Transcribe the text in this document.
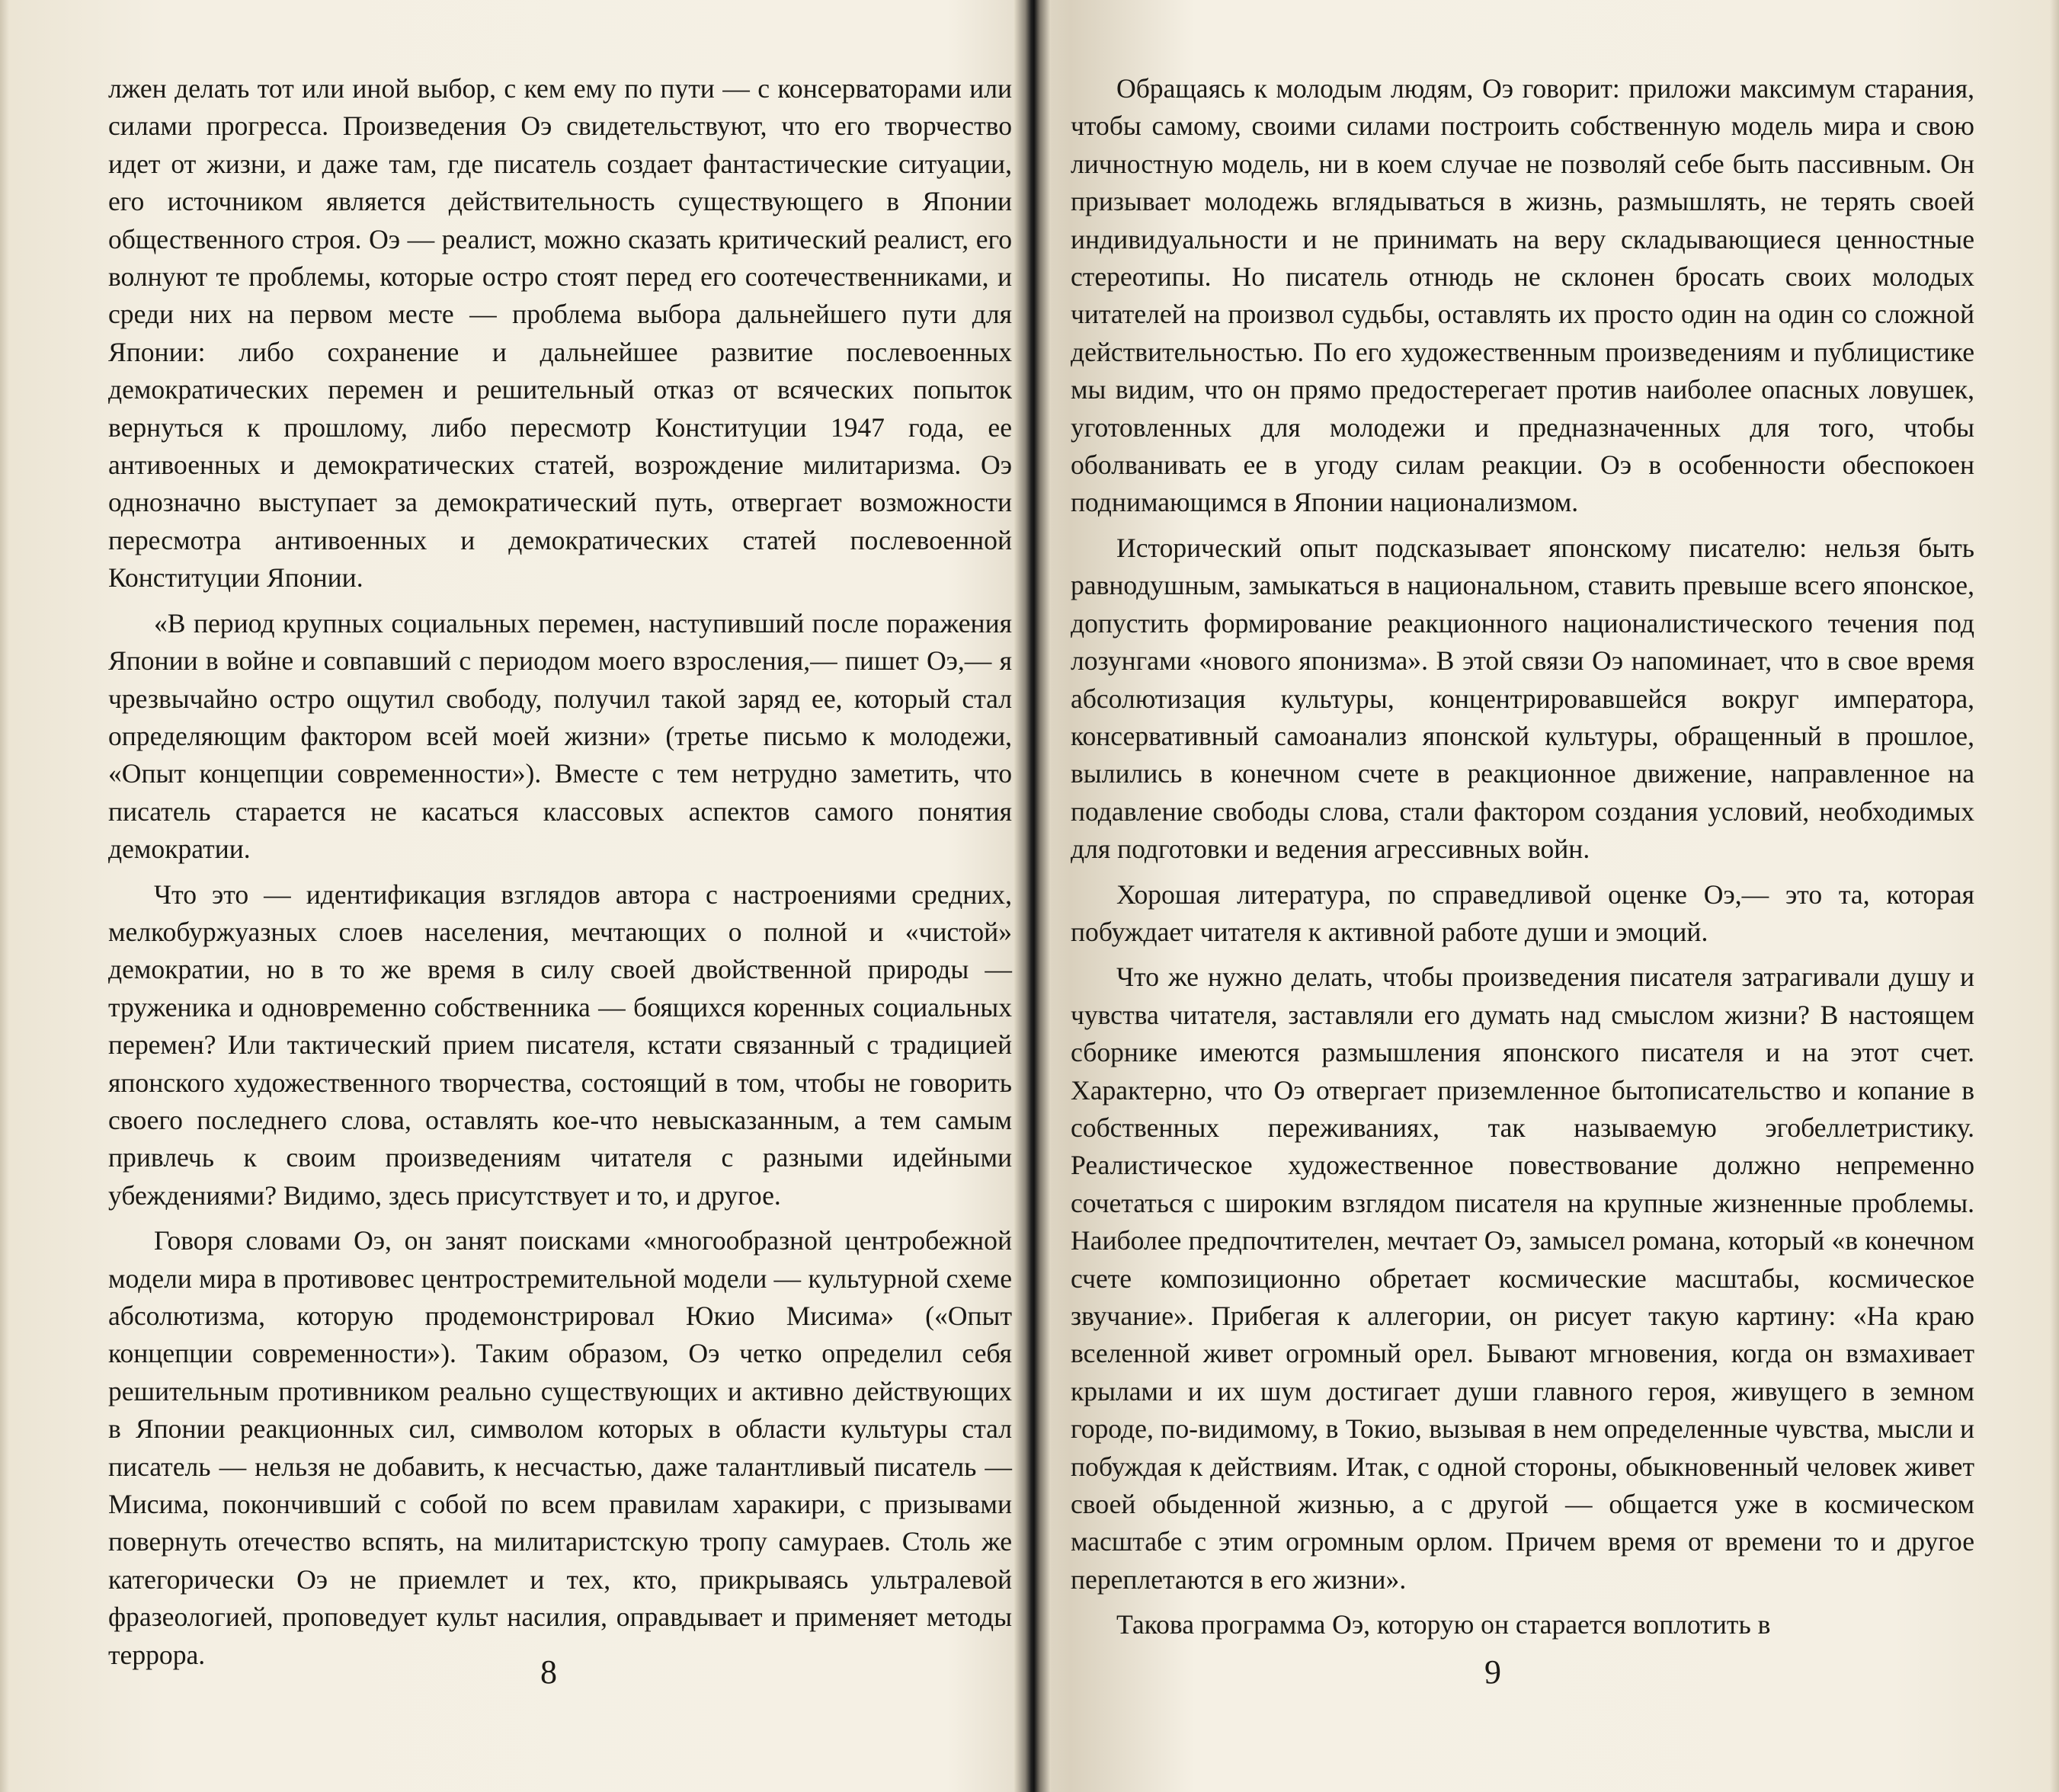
лжен делать тот или иной выбор, с кем ему по пути — с консерваторами или силами прогресса. Произведения Оэ свидетельствуют, что его творчество идет от жизни, и даже там, где писатель создает фантастические ситуации, его источником является действительность существующего в Японии общественного строя. Оэ — реалист, можно сказать критический реалист, его волнуют те проблемы, которые остро стоят перед его соотечественниками, и среди них на первом месте — проблема выбора дальнейшего пути для Японии: либо сохранение и дальнейшее развитие послевоенных демократических перемен и решительный отказ от всяческих попыток вернуться к прошлому, либо пересмотр Конституции 1947 года, ее антивоенных и демократических статей, возрождение милитаризма. Оэ однозначно выступает за демократический путь, отвергает возможности пересмотра антивоенных и демократических статей послевоенной Конституции Японии.

«В период крупных социальных перемен, наступивший после поражения Японии в войне и совпавший с периодом моего взросления,— пишет Оэ,— я чрезвычайно остро ощутил свободу, получил такой заряд ее, который стал определяющим фактором всей моей жизни» (третье письмо к молодежи, «Опыт концепции современности»). Вместе с тем нетрудно заметить, что писатель старается не касаться классовых аспектов самого понятия демократии.

Что это — идентификация взглядов автора с настроениями средних, мелкобуржуазных слоев населения, мечтающих о полной и «чистой» демократии, но в то же время в силу своей двойственной природы — труженика и одновременно собственника — боящихся коренных социальных перемен? Или тактический прием писателя, кстати связанный с традицией японского художественного творчества, состоящий в том, чтобы не говорить своего последнего слова, оставлять кое-что невысказанным, а тем самым привлечь к своим произведениям читателя с разными идейными убеждениями? Видимо, здесь присутствует и то, и другое.

Говоря словами Оэ, он занят поисками «многообразной центробежной модели мира в противовес центростремительной модели — культурной схеме абсолютизма, которую продемонстрировал Юкио Мисима» («Опыт концепции современности»). Таким образом, Оэ четко определил себя решительным противником реально существующих и активно действующих в Японии реакционных сил, символом которых в области культуры стал писатель — нельзя не добавить, к несчастью, даже талантливый писатель — Мисима, покончивший с собой по всем правилам харакири, с призывами повернуть отечество вспять, на милитаристскую тропу самураев. Столь же категорически Оэ не приемлет и тех, кто, прикрываясь ультралевой фразеологией, проповедует культ насилия, оправдывает и применяет методы террора.	8

Обращаясь к молодым людям, Оэ говорит: приложи максимум старания, чтобы самому, своими силами построить собственную модель мира и свою личностную модель, ни в коем случае не позволяй себе быть пассивным. Он призывает молодежь вглядываться в жизнь, размышлять, не терять своей индивидуальности и не принимать на веру складывающиеся ценностные стереотипы. Но писатель отнюдь не склонен бросать своих молодых читателей на произвол судьбы, оставлять их просто один на один со сложной действительностью. По его художественным произведениям и публицистике мы видим, что он прямо предостерегает против наиболее опасных ловушек, уготовленных для молодежи и предназначенных для того, чтобы оболванивать ее в угоду силам реакции. Оэ в особенности обеспокоен поднимающимся в Японии национализмом.

Исторический опыт подсказывает японскому писателю: нельзя быть равнодушным, замыкаться в национальном, ставить превыше всего японское, допустить формирование реакционного националистического течения под лозунгами «нового японизма». В этой связи Оэ напоминает, что в свое время абсолютизация культуры, концентрировавшейся вокруг императора, консервативный самоанализ японской культуры, обращенный в прошлое, вылились в конечном счете в реакционное движение, направленное на подавление свободы слова, стали фактором создания условий, необходимых для подготовки и ведения агрессивных войн.

Хорошая литература, по справедливой оценке Оэ,— это та, которая побуждает читателя к активной работе души и эмоций.

Что же нужно делать, чтобы произведения писателя затрагивали душу и чувства читателя, заставляли его думать над смыслом жизни? В настоящем сборнике имеются размышления японского писателя и на этот счет. Характерно, что Оэ отвергает приземленное бытописательство и копание в собственных переживаниях, так называемую эгобеллетристику. Реалистическое художественное повествование должно непременно сочетаться с широким взглядом писателя на крупные жизненные проблемы. Наиболее предпочтителен, мечтает Оэ, замысел романа, который «в конечном счете композиционно обретает космические масштабы, космическое звучание». Прибегая к аллегории, он рисует такую картину: «На краю вселенной живет огромный орел. Бывают мгновения, когда он взмахивает крылами и их шум достигает души главного героя, живущего в земном городе, по-видимому, в Токио, вызывая в нем определенные чувства, мысли и побуждая к действиям. Итак, с одной стороны, обыкновенный человек живет своей обыденной жизнью, а с другой — общается уже в космическом масштабе с этим огромным орлом. Причем время от времени то и другое переплетаются в его жизни».

Такова программа Оэ, которую он старается воплотить в

9
